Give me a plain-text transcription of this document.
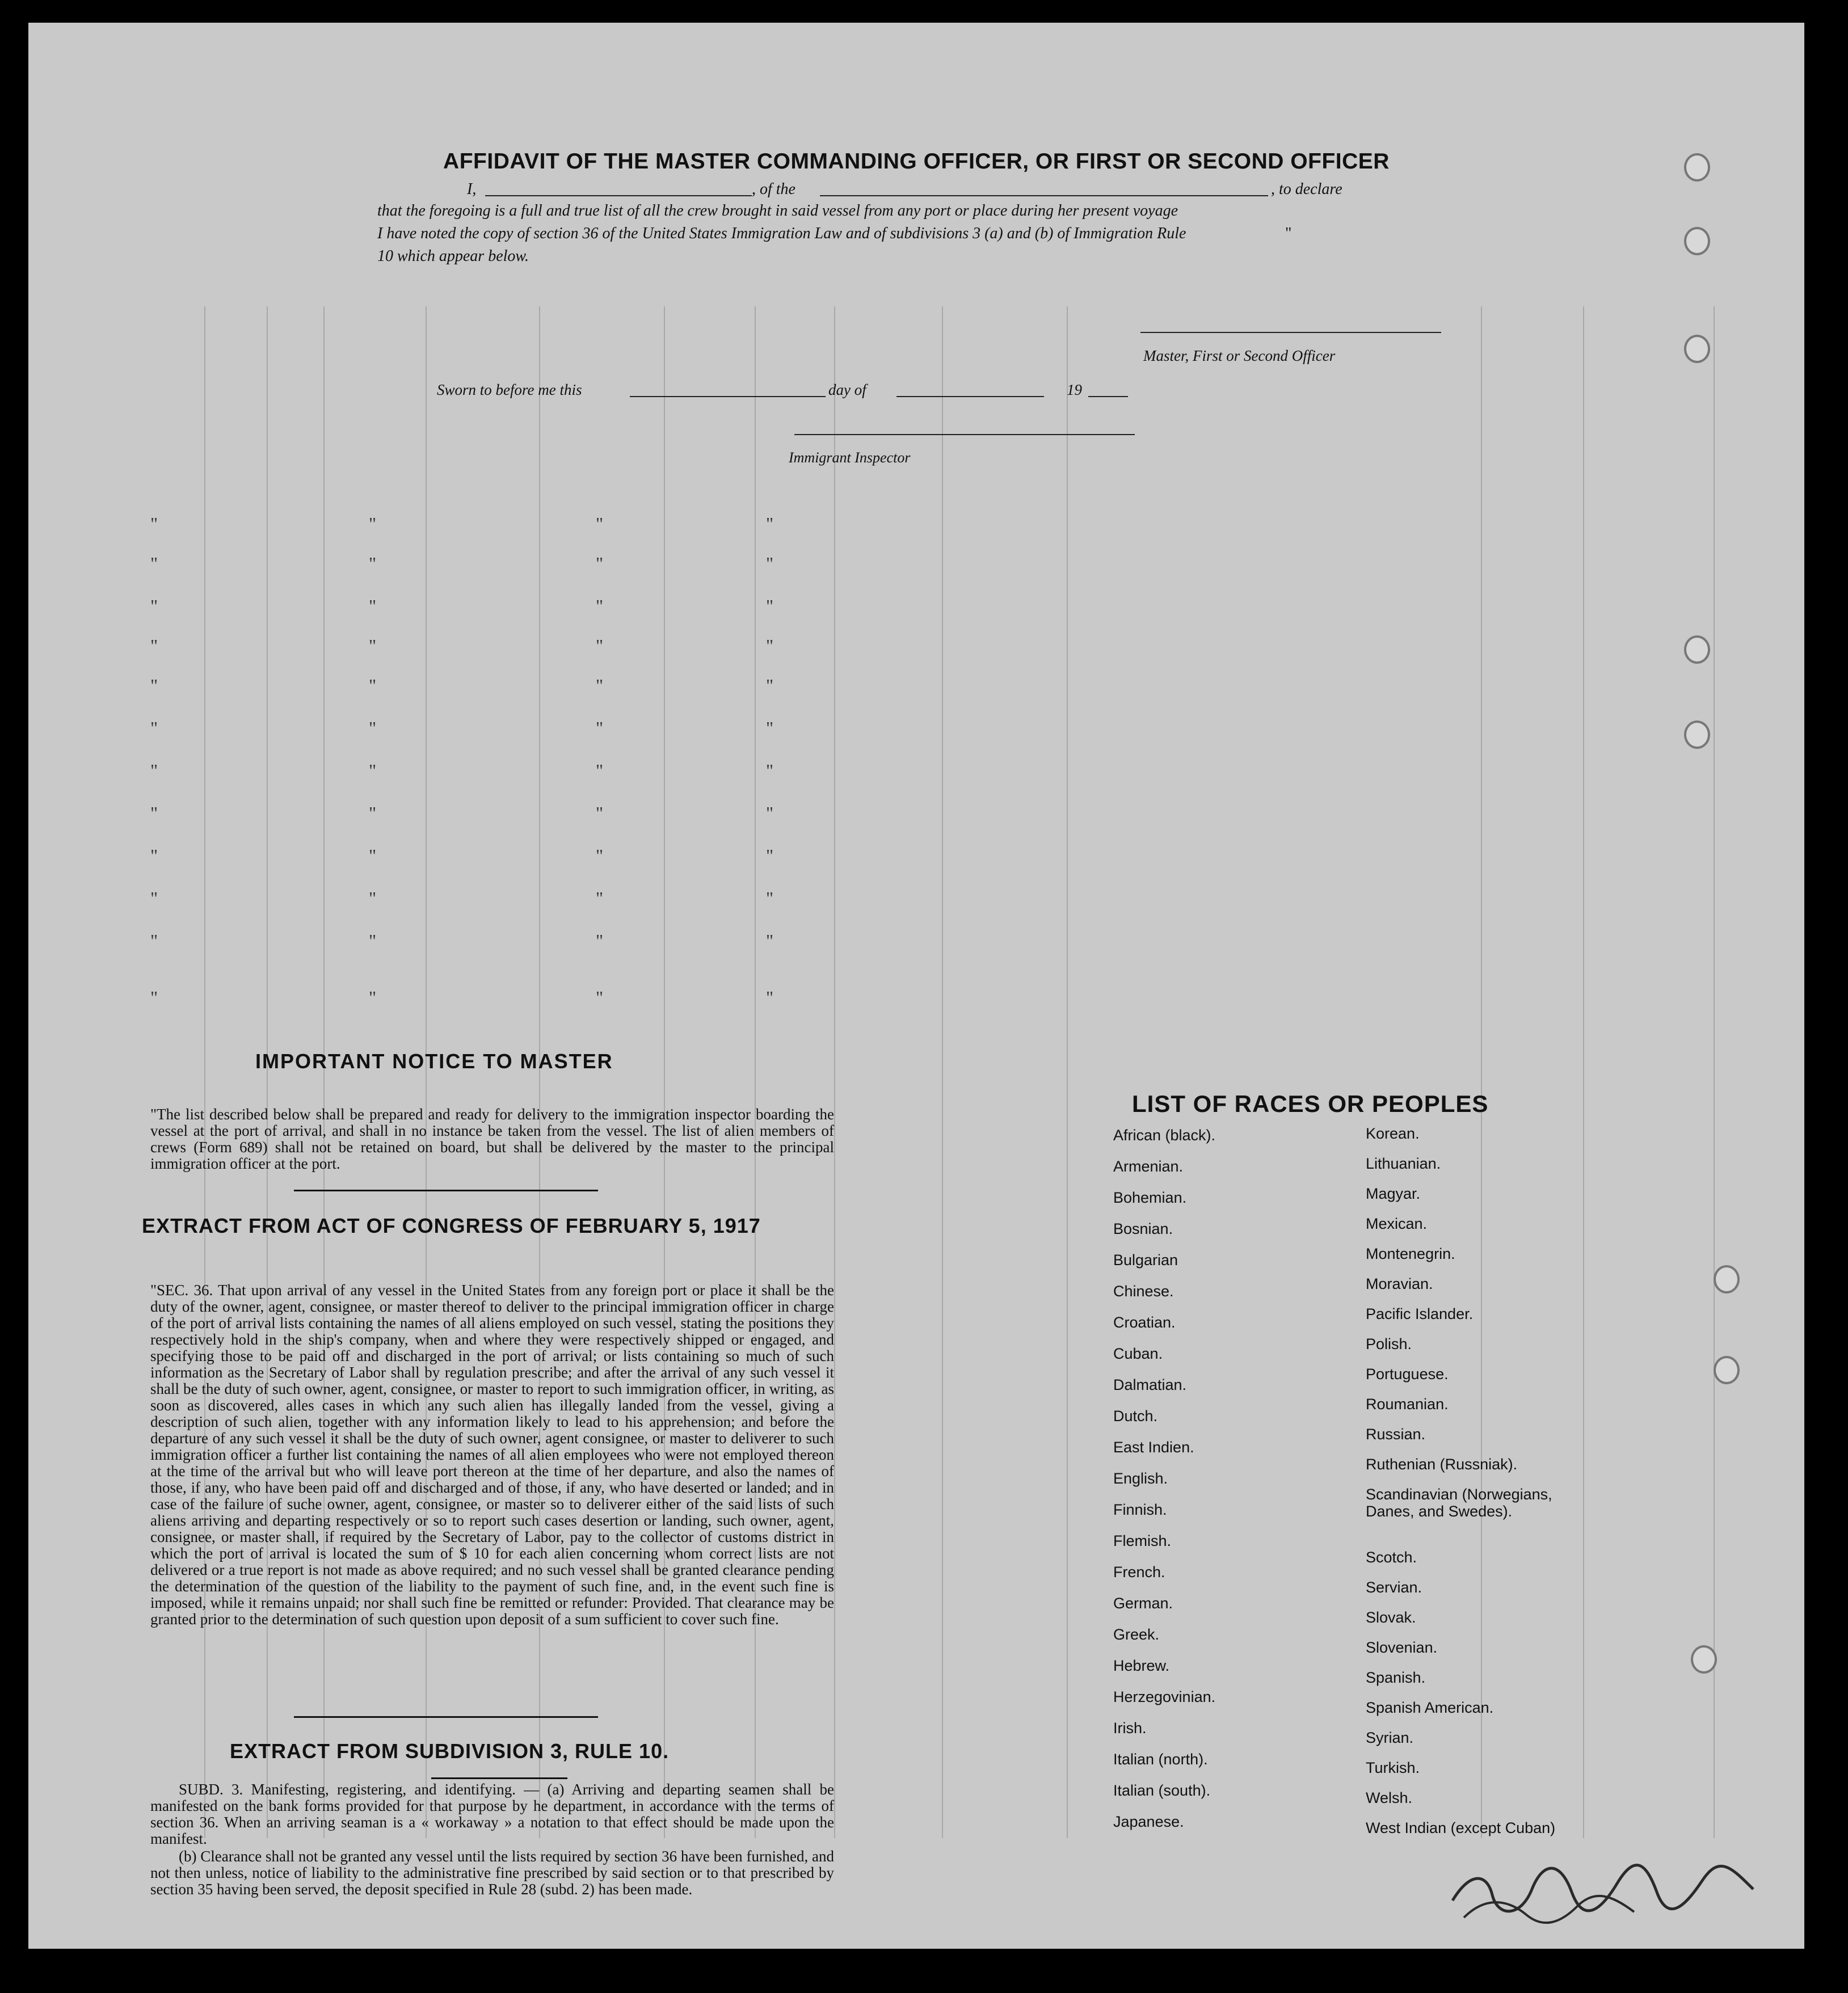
AFFIDAVIT OF THE MASTER COMMANDING OFFICER, OR FIRST OR SECOND OFFICER
I,	, of the	, to declare
that the foregoing is a full and true list of all the crew brought in said vessel from any port or place during her present voyage
I have noted the copy of section 36 of the United States Immigration Law and of subdivisions 3 (a) and (b) of Immigration Rule	"
10 which appear below.
Master, First or Second Officer
Sworn to before me this	day of	19
Immigrant Inspector
"	"	"	"
"	"	"	"
"	"	"	"
"	"	"	"
"	"	"	"
"	"	"	"
"	"	"	"
"	"	"	"
"	"	"	"
"	"	"	"
"	"	"	"
"	"	"	"
IMPORTANT NOTICE TO MASTER
"The list described below shall be prepared and ready for delivery to the immigration inspector boarding the vessel at the port of arrival, and shall in no instance be taken from the vessel. The list of alien members of crews (Form 689) shall not be retained on board, but shall be delivered by the master to the principal immigration officer at the port.
EXTRACT FROM ACT OF CONGRESS OF FEBRUARY 5, 1917
"SEC. 36. That upon arrival of any vessel in the United States from any foreign port or place it shall be the duty of the owner, agent, consignee, or master thereof to deliver to the principal immigration officer in charge of the port of arrival lists containing the names of all aliens employed on such vessel, stating the positions they respectively hold in the ship's company, when and where they were respectively shipped or engaged, and specifying those to be paid off and discharged in the port of arrival; or lists containing so much of such information as the Secretary of Labor shall by regulation prescribe; and after the arrival of any such vessel it shall be the duty of such owner, agent, consignee, or master to report to such immigration officer, in writing, as soon as discovered, alles cases in which any such alien has illegally landed from the vessel, giving a description of such alien, together with any information likely to lead to his apprehension; and before the departure of any such vessel it shall be the duty of such owner, agent consignee, or master to deliverer to such immigration officer a further list containing the names of all alien employees who were not employed thereon at the time of the arrival but who will leave port thereon at the time of her departure, and also the names of those, if any, who have been paid off and discharged and of those, if any, who have deserted or landed; and in case of the failure of suche owner, agent, consignee, or master so to deliverer either of the said lists of such aliens arriving and departing respectively or so to report such cases desertion or landing, such owner, agent, consignee, or master shall, if required by the Secretary of Labor, pay to the collector of customs district in which the port of arrival is located the sum of $ 10 for each alien concerning whom correct lists are not delivered or a true report is not made as above required; and no such vessel shall be granted clearance pending the determination of the question of the liability to the payment of such fine, and, in the event such fine is imposed, while it remains unpaid; nor shall such fine be remitted or refunder: Provided. That clearance may be granted prior to the determination of such question upon deposit of a sum sufficient to cover such fine.
EXTRACT FROM SUBDIVISION 3, RULE 10.
SUBD. 3. Manifesting, registering, and identifying. — (a) Arriving and departing seamen shall be manifested on the bank forms provided for that purpose by he department, in accordance with the terms of section 36. When an arriving seaman is a « workaway » a notation to that effect should be made upon the manifest.
(b) Clearance shall not be granted any vessel until the lists required by section 36 have been furnished, and not then unless, notice of liability to the administrative fine prescribed by said section or to that prescribed by section 35 having been served, the deposit specified in Rule 28 (subd. 2) has been made.
LIST OF RACES OR PEOPLES
African (black).
Armenian.
Bohemian.
Bosnian.
Bulgarian
Chinese.
Croatian.
Cuban.
Dalmatian.
Dutch.
East Indien.
English.
Finnish.
Flemish.
French.
German.
Greek.
Hebrew.
Herzegovinian.
Irish.
Italian (north).
Italian (south).
Japanese.
Korean.
Lithuanian.
Magyar.
Mexican.
Montenegrin.
Moravian.
Pacific Islander.
Polish.
Portuguese.
Roumanian.
Russian.
Ruthenian (Russniak).
Scandinavian (Norwegians, Danes, and Swedes).
Scotch.
Servian.
Slovak.
Slovenian.
Spanish.
Spanish American.
Syrian.
Turkish.
Welsh.
West Indian (except Cuban)
